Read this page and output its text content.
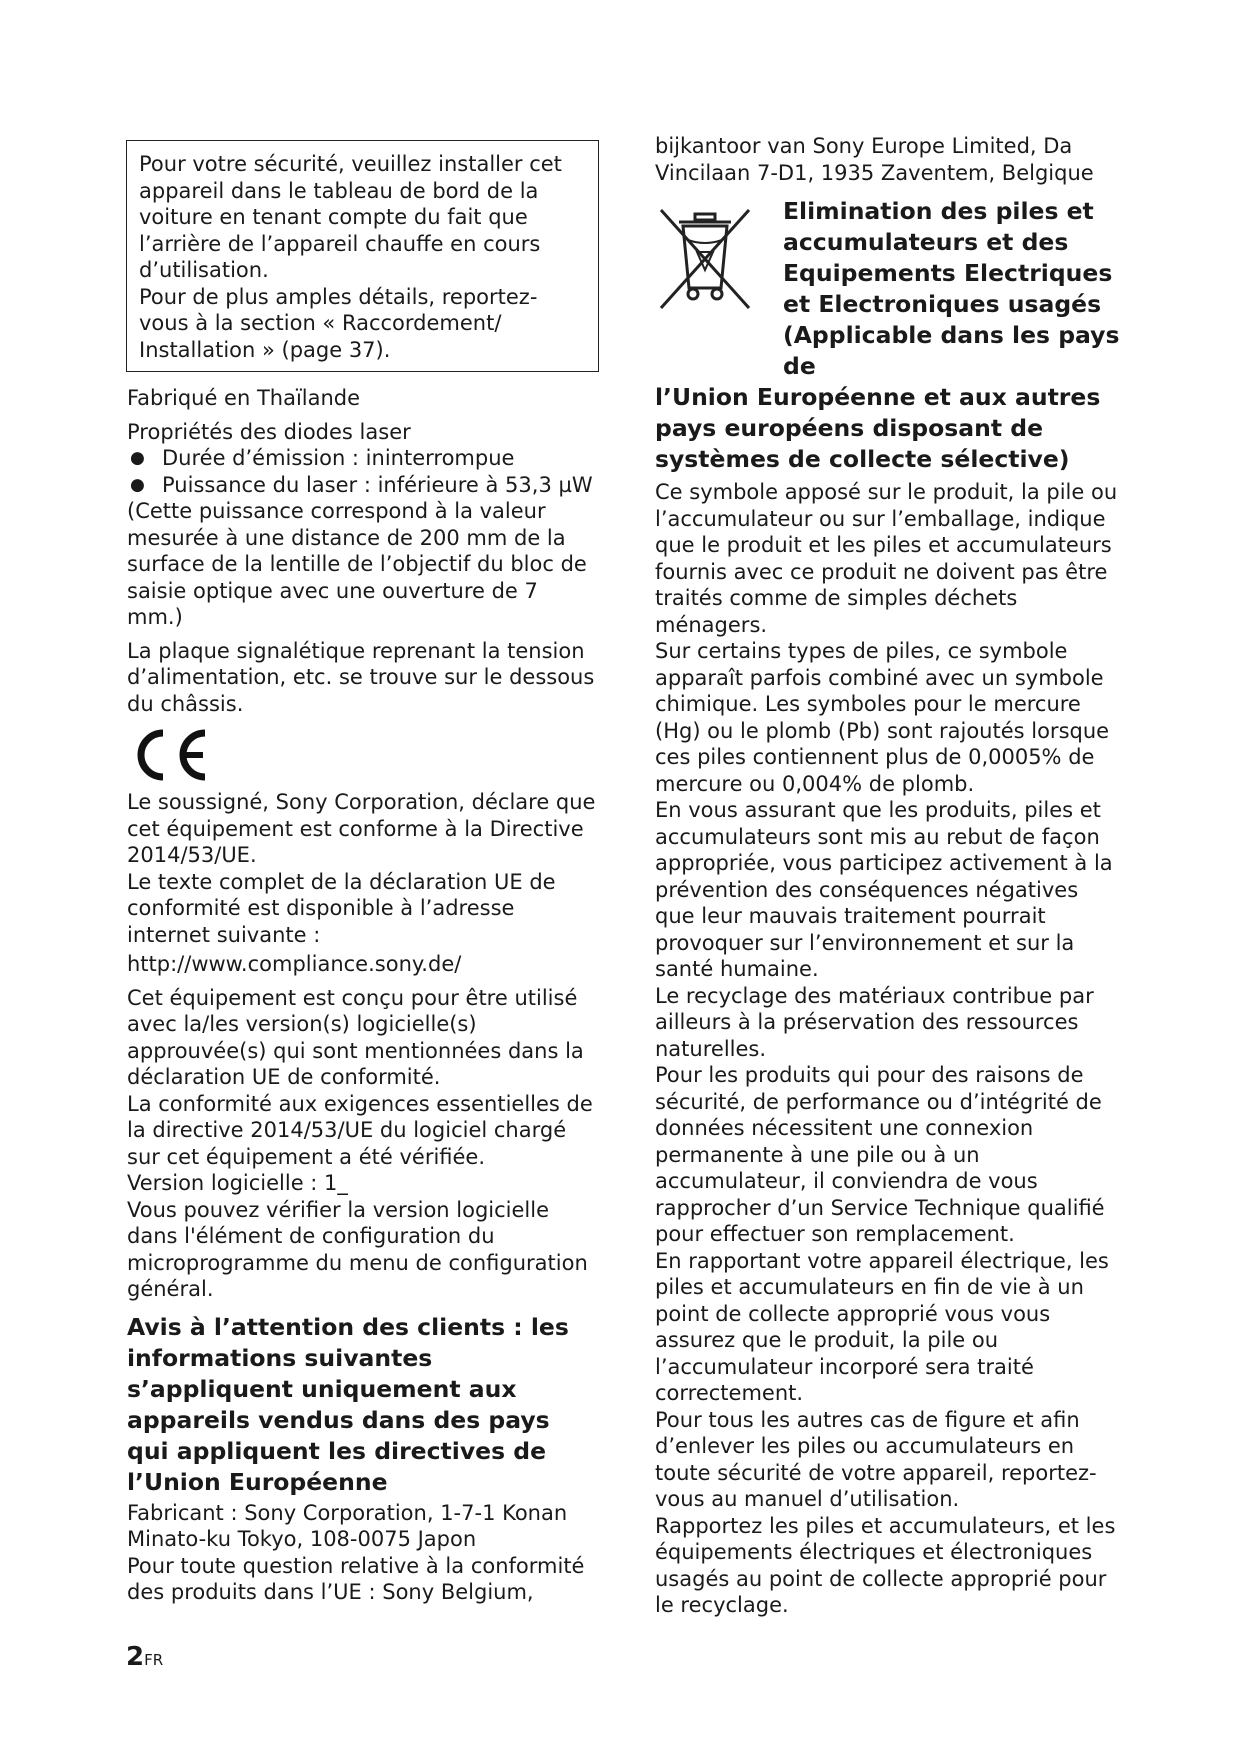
Pour votre sécurité, veuillez installer cet appareil dans le tableau de bord de la voiture en tenant compte du fait que l’arrière de l’appareil chauffe en cours d’utilisation.

Pour de plus amples détails, reportez-vous à la section « Raccordement/ Installation » (page 37).

Fabriqué en Thaïlande

Propriétés des diodes laser
● Durée d’émission : ininterrompue
● Puissance du laser : inférieure à 53,3 µW
(Cette puissance correspond à la valeur mesurée à une distance de 200 mm de la surface de la lentille de l’objectif du bloc de saisie optique avec une ouverture de 7 mm.)

La plaque signalétique reprenant la tension d’alimentation, etc. se trouve sur le dessous du châssis.

Le soussigné, Sony Corporation, déclare que cet équipement est conforme à la Directive 2014/53/UE.
Le texte complet de la déclaration UE de conformité est disponible à l’adresse internet suivante :

http://www.compliance.sony.de/

Cet équipement est conçu pour être utilisé avec la/les version(s) logicielle(s) approuvée(s) qui sont mentionnées dans la déclaration UE de conformité.
La conformité aux exigences essentielles de la directive 2014/53/UE du logiciel chargé sur cet équipement a été vérifiée.
Version logicielle : 1_
Vous pouvez vérifier la version logicielle dans l'élément de configuration du microprogramme du menu de configuration général.
Avis à l’attention des clients : les informations suivantes s’appliquent uniquement aux appareils vendus dans des pays qui appliquent les directives de l’Union Européenne
Fabricant : Sony Corporation, 1-7-1 Konan Minato-ku Tokyo, 108-0075 Japon
Pour toute question relative à la conformité des produits dans l’UE : Sony Belgium,
bijkantoor van Sony Europe Limited, Da Vincilaan 7-D1, 1935 Zaventem, Belgique
Elimination des piles et accumulateurs et des Equipements Electriques et Electroniques usagés (Applicable dans les pays de
l’Union Européenne et aux autres pays européens disposant de systèmes de collecte sélective)
Ce symbole apposé sur le produit, la pile ou l’accumulateur ou sur l’emballage, indique que le produit et les piles et accumulateurs fournis avec ce produit ne doivent pas être traités comme de simples déchets ménagers.
Sur certains types de piles, ce symbole apparaît parfois combiné avec un symbole chimique. Les symboles pour le mercure (Hg) ou le plomb (Pb) sont rajoutés lorsque ces piles contiennent plus de 0,0005% de mercure ou 0,004% de plomb.
En vous assurant que les produits, piles et accumulateurs sont mis au rebut de façon appropriée, vous participez activement à la prévention des conséquences négatives que leur mauvais traitement pourrait provoquer sur l’environnement et sur la santé humaine.
Le recyclage des matériaux contribue par ailleurs à la préservation des ressources naturelles.
Pour les produits qui pour des raisons de sécurité, de performance ou d’intégrité de données nécessitent une connexion permanente à une pile ou à un accumulateur, il conviendra de vous rapprocher d’un Service Technique qualifié pour effectuer son remplacement.
En rapportant votre appareil électrique, les piles et accumulateurs en fin de vie à un point de collecte approprié vous vous assurez que le produit, la pile ou l’accumulateur incorporé sera traité correctement.
Pour tous les autres cas de figure et afin d’enlever les piles ou accumulateurs en toute sécurité de votre appareil, reportez-vous au manuel d’utilisation.
Rapportez les piles et accumulateurs, et les équipements électriques et électroniques usagés au point de collecte approprié pour le recyclage.
2FR
